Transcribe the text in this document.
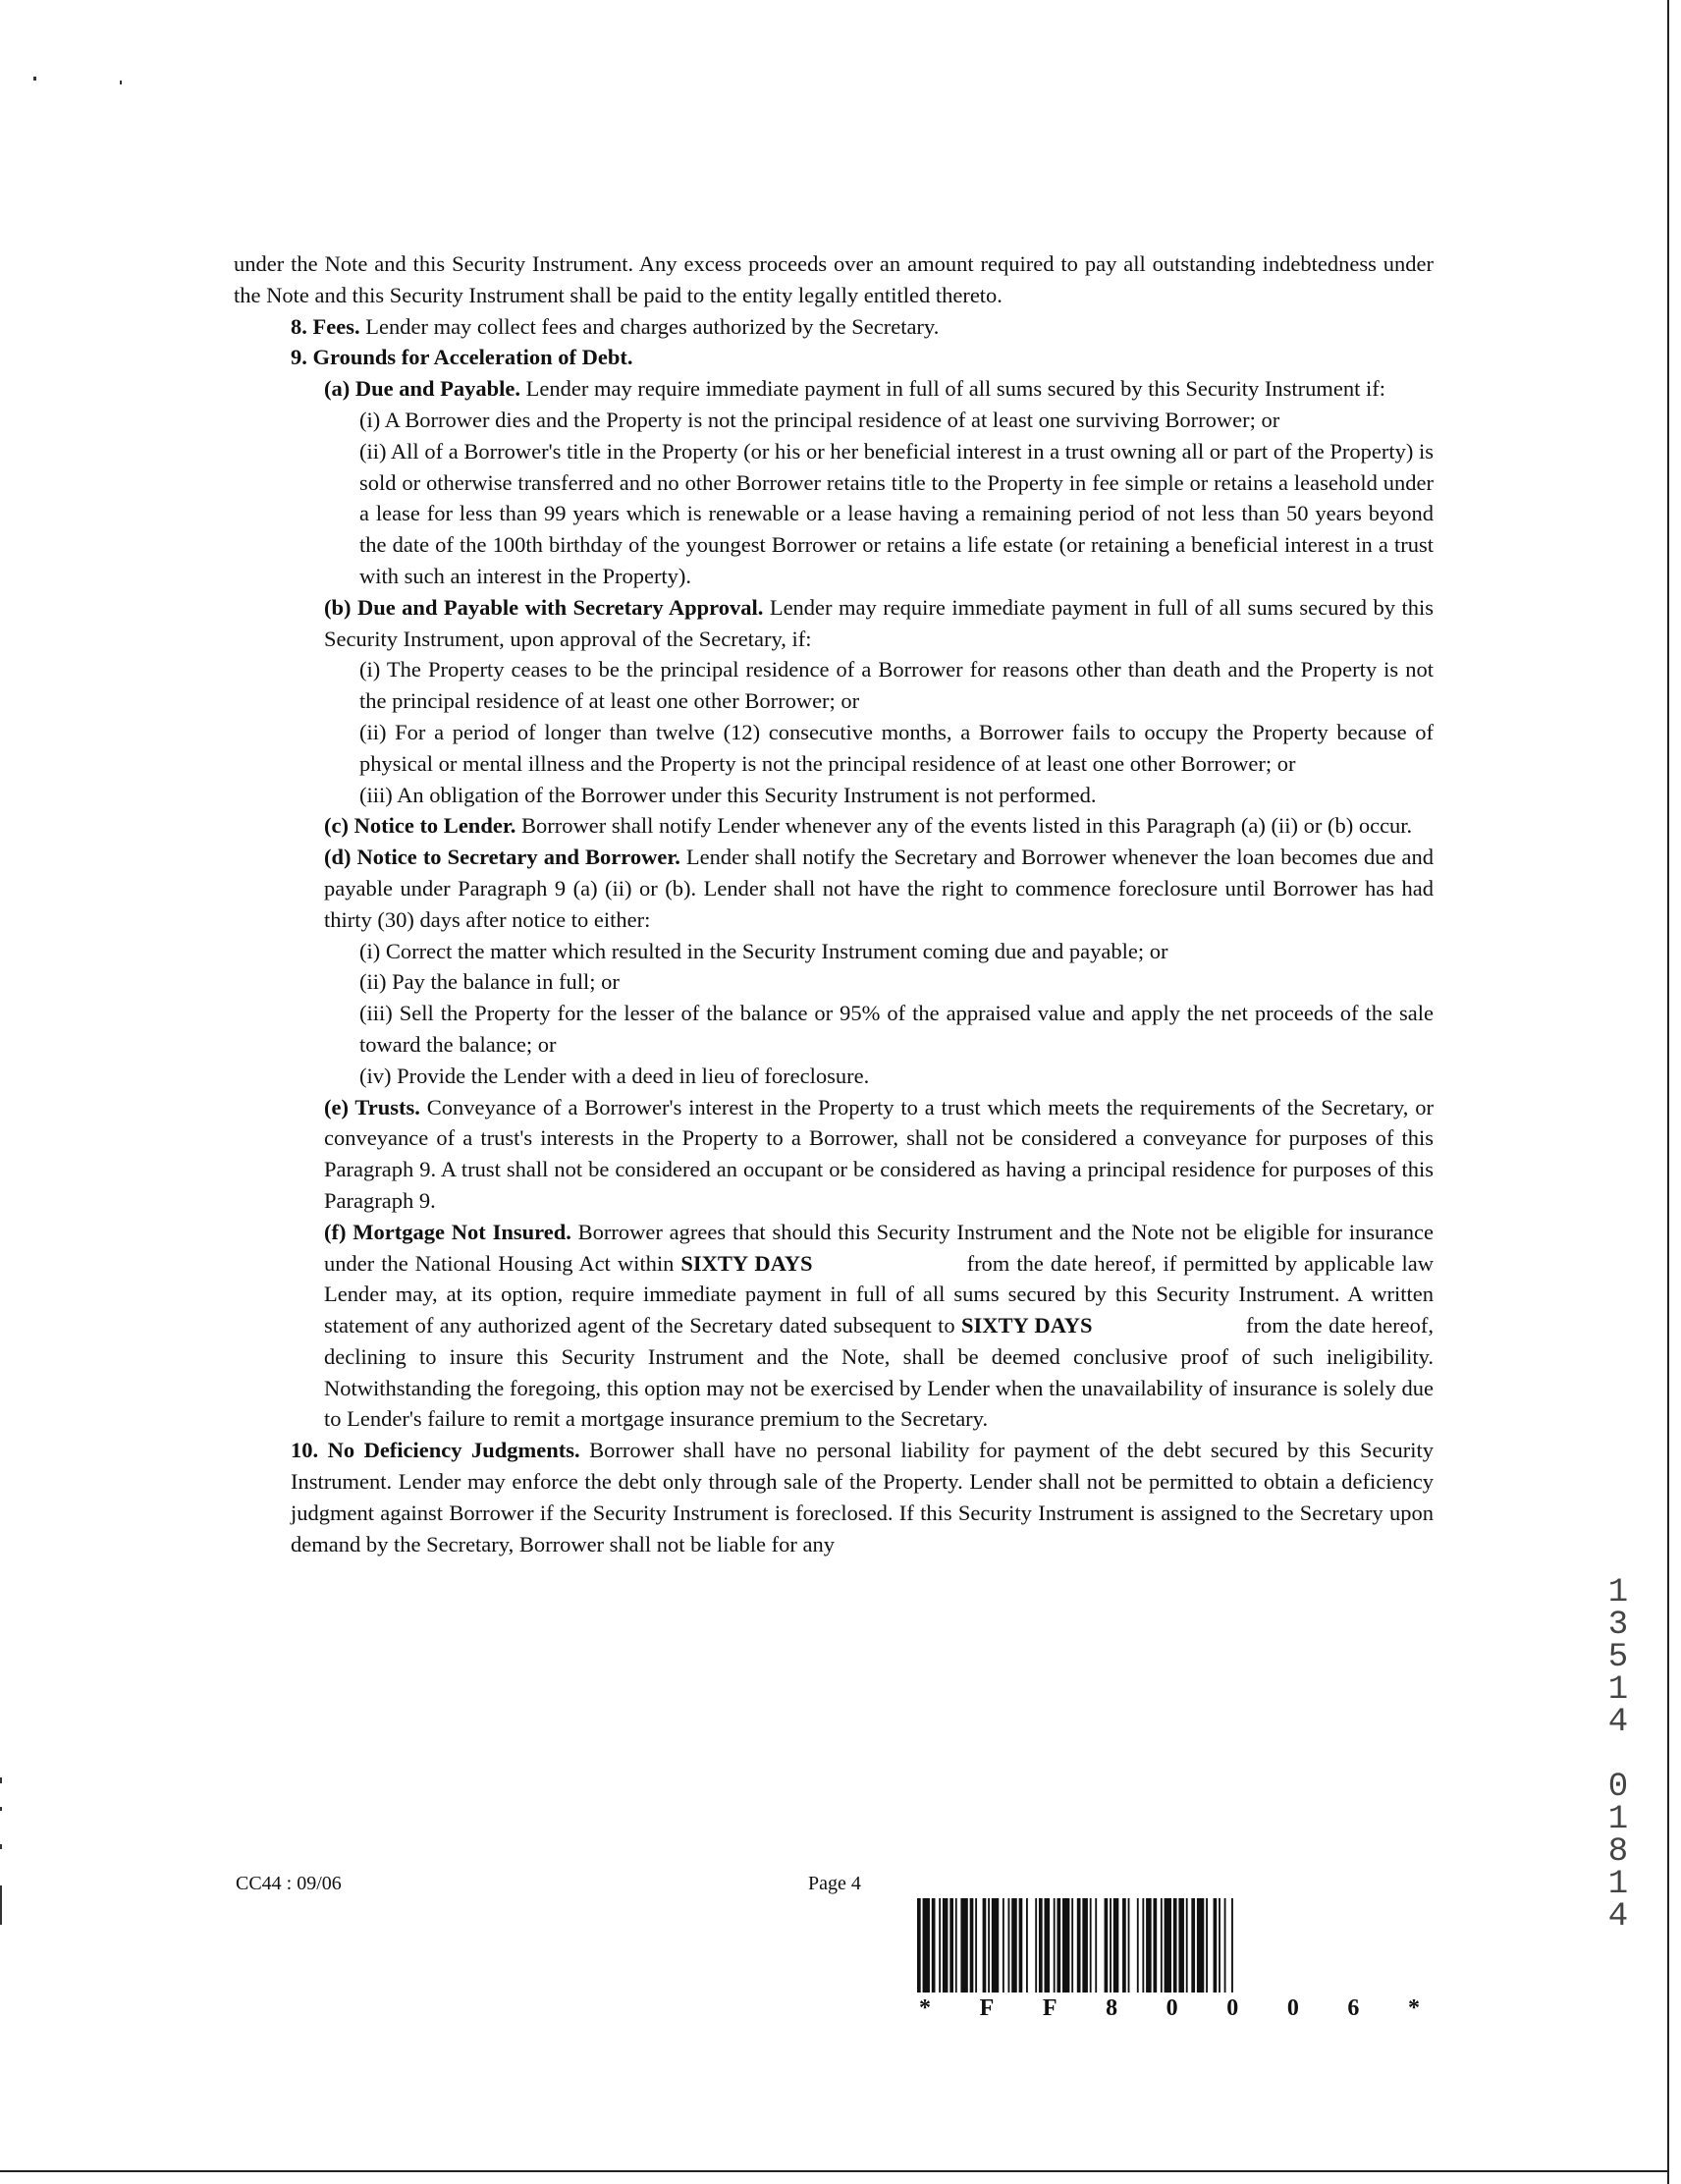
under the Note and this Security Instrument. Any excess proceeds over an amount required to pay all outstanding indebtedness under the Note and this Security Instrument shall be paid to the entity legally entitled thereto.

8. Fees. Lender may collect fees and charges authorized by the Secretary.

9. Grounds for Acceleration of Debt.

(a) Due and Payable. Lender may require immediate payment in full of all sums secured by this Security Instrument if:

(i) A Borrower dies and the Property is not the principal residence of at least one surviving Borrower; or

(ii) All of a Borrower's title in the Property (or his or her beneficial interest in a trust owning all or part of the Property) is sold or otherwise transferred and no other Borrower retains title to the Property in fee simple or retains a leasehold under a lease for less than 99 years which is renewable or a lease having a remaining period of not less than 50 years beyond the date of the 100th birthday of the youngest Borrower or retains a life estate (or retaining a beneficial interest in a trust with such an interest in the Property).

(b) Due and Payable with Secretary Approval. Lender may require immediate payment in full of all sums secured by this Security Instrument, upon approval of the Secretary, if:

(i) The Property ceases to be the principal residence of a Borrower for reasons other than death and the Property is not the principal residence of at least one other Borrower; or

(ii) For a period of longer than twelve (12) consecutive months, a Borrower fails to occupy the Property because of physical or mental illness and the Property is not the principal residence of at least one other Borrower; or

(iii) An obligation of the Borrower under this Security Instrument is not performed.

(c) Notice to Lender. Borrower shall notify Lender whenever any of the events listed in this Paragraph (a) (ii) or (b) occur.

(d) Notice to Secretary and Borrower. Lender shall notify the Secretary and Borrower whenever the loan becomes due and payable under Paragraph 9 (a) (ii) or (b). Lender shall not have the right to commence foreclosure until Borrower has had thirty (30) days after notice to either:

(i) Correct the matter which resulted in the Security Instrument coming due and payable; or

(ii) Pay the balance in full; or

(iii) Sell the Property for the lesser of the balance or 95% of the appraised value and apply the net proceeds of the sale toward the balance; or

(iv) Provide the Lender with a deed in lieu of foreclosure.

(e) Trusts. Conveyance of a Borrower's interest in the Property to a trust which meets the requirements of the Secretary, or conveyance of a trust's interests in the Property to a Borrower, shall not be considered a conveyance for purposes of this Paragraph 9. A trust shall not be considered an occupant or be considered as having a principal residence for purposes of this Paragraph 9.

(f) Mortgage Not Insured. Borrower agrees that should this Security Instrument and the Note not be eligible for insurance under the National Housing Act within SIXTY DAYS	from the date hereof, if permitted by applicable law Lender may, at its option, require immediate payment in full of all sums secured by this Security Instrument. A written statement of any authorized agent of the Secretary dated subsequent to SIXTY DAYS	from the date hereof, declining to insure this Security Instrument and the Note, shall be deemed conclusive proof of such ineligibility. Notwithstanding the foregoing, this option may not be exercised by Lender when the unavailability of insurance is solely due to Lender's failure to remit a mortgage insurance premium to the Secretary.

10. No Deficiency Judgments. Borrower shall have no personal liability for payment of the debt secured by this Security Instrument. Lender may enforce the debt only through sale of the Property. Lender shall not be permitted to obtain a deficiency judgment against Borrower if the Security Instrument is foreclosed. If this Security Instrument is assigned to the Secretary upon demand by the Secretary, Borrower shall not be liable for any

1
3
5
1
4

0
1
8
1
4
CC44 : 09/06	Page 4
* F F 8 0 0 0 6 *
